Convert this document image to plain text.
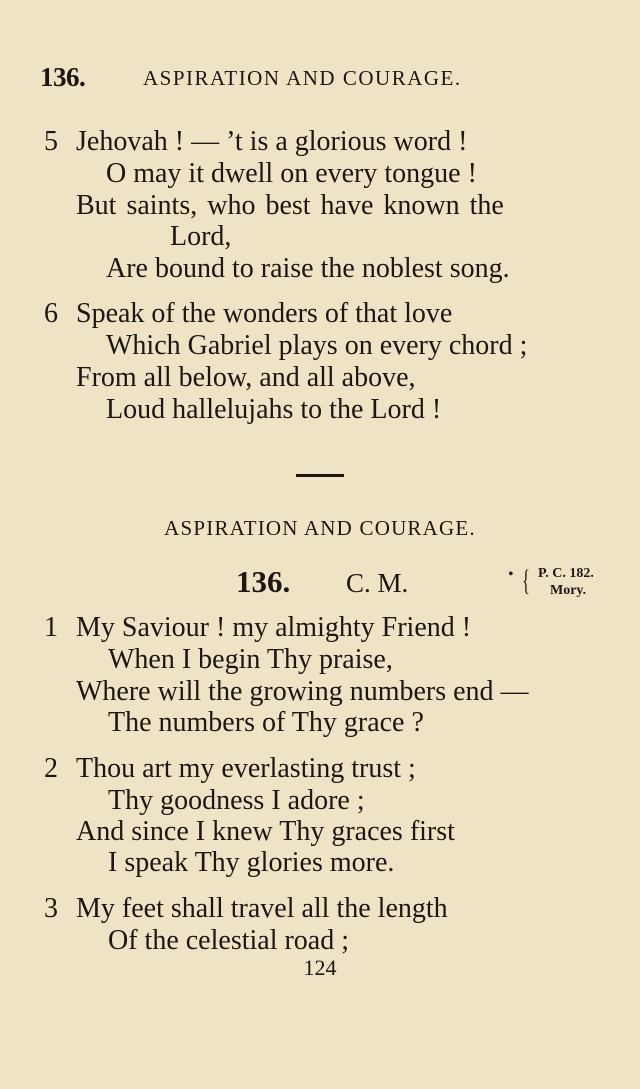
136.	ASPIRATION AND COURAGE.
5 Jehovah ! — ’t is a glorious word !
O may it dwell on every tongue !
But saints, who best have known the
Lord,
Are bound to raise the noblest song.
6 Speak of the wonders of that love
Which Gabriel plays on every chord ;
From all below, and all above,
Loud hallelujahs to the Lord !
ASPIRATION AND COURAGE.
136. C. M.	• { P. C. 182.
Mory.
1 My Saviour ! my almighty Friend !
When I begin Thy praise,
Where will the growing numbers end —
The numbers of Thy grace ?
2 Thou art my everlasting trust ;
Thy goodness I adore ;
And since I knew Thy graces first
I speak Thy glories more.
3 My feet shall travel all the length
Of the celestial road ;
124
